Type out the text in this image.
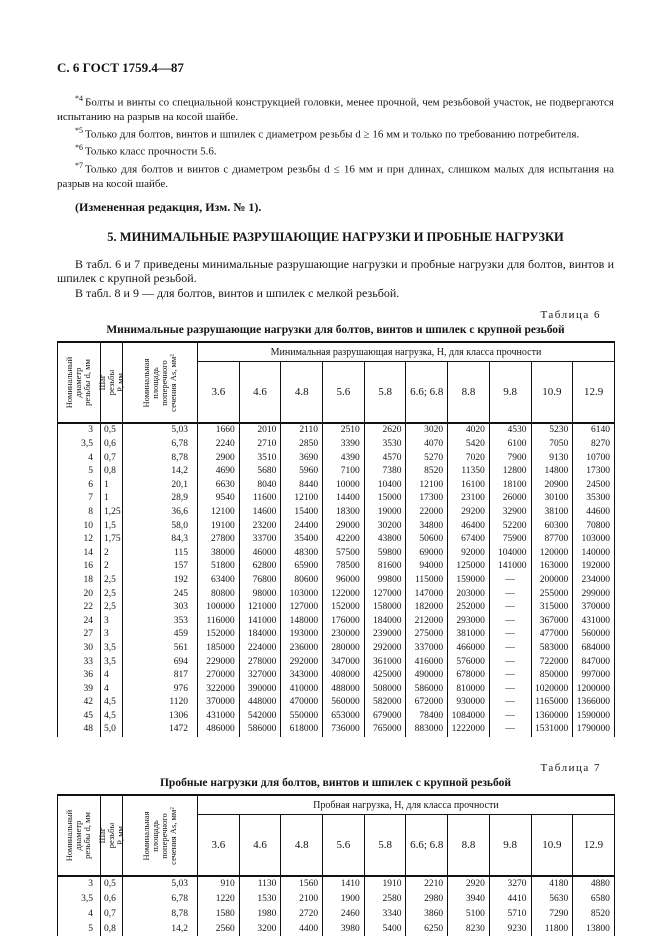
С. 6 ГОСТ 1759.4—87

$^{*4}$ Болты и винты со специальной конструкцией головки, менее прочной, чем резьбовой участок, не подвергаются испытанию на разрыв на косой шайбе.

$^{*5}$ Только для болтов, винтов и шпилек с диаметром резьбы d ≥ 16 мм и только по требованию потребителя.

$^{*6}$ Только класс прочности 5.6.

$^{*7}$ Только для болтов и винтов с диаметром резьбы d ≤ 16 мм и при длинах, слишком малых для испытания на разрыв на косой шайбе.

(Измененная редакция, Изм. № 1).

5. МИНИМАЛЬНЫЕ РАЗРУШАЮЩИЕ НАГРУЗКИ И ПРОБНЫЕ НАГРУЗКИ

В табл. 6 и 7 приведены минимальные разрушающие нагрузки и пробные нагрузки для болтов, винтов и шпилек с крупной резьбой.

В табл. 8 и 9 — для болтов, винтов и шпилек с мелкой резьбой.

Таблица 6
Минимальные разрушающие нагрузки для болтов, винтов и шпилек с крупной резьбой
Номинальный диаметр резьбы d, мм	Шаг резьбы Р, мм	Номинальная площадь поперечного сечения Аs, мм²	Минимальная разрушающая нагрузка, Н, для класса прочности									
			3.6	4.6	4.8	5.6	5.8	6.6; 6.8	8.8	9.8	10.9	12.9
3	0,5	5,03	1660	2010	2110	2510	2620	3020	4020	4530	5230	6140
3,5	0,6	6,78	2240	2710	2850	3390	3530	4070	5420	6100	7050	8270
4	0,7	8,78	2900	3510	3690	4390	4570	5270	7020	7900	9130	10700
5	0,8	14,2	4690	5680	5960	7100	7380	8520	11350	12800	14800	17300
6	1	20,1	6630	8040	8440	10000	10400	12100	16100	18100	20900	24500
7	1	28,9	9540	11600	12100	14400	15000	17300	23100	26000	30100	35300
8	1,25	36,6	12100	14600	15400	18300	19000	22000	29200	32900	38100	44600
10	1,5	58,0	19100	23200	24400	29000	30200	34800	46400	52200	60300	70800
12	1,75	84,3	27800	33700	35400	42200	43800	50600	67400	75900	87700	103000
14	2	115	38000	46000	48300	57500	59800	69000	92000	104000	120000	140000
16	2	157	51800	62800	65900	78500	81600	94000	125000	141000	163000	192000
18	2,5	192	63400	76800	80600	96000	99800	115000	159000	—	200000	234000
20	2,5	245	80800	98000	103000	122000	127000	147000	203000	—	255000	299000
22	2,5	303	100000	121000	127000	152000	158000	182000	252000	—	315000	370000
24	3	353	116000	141000	148000	176000	184000	212000	293000	—	367000	431000
27	3	459	152000	184000	193000	230000	239000	275000	381000	—	477000	560000
30	3,5	561	185000	224000	236000	280000	292000	337000	466000	—	583000	684000
33	3,5	694	229000	278000	292000	347000	361000	416000	576000	—	722000	847000
36	4	817	270000	327000	343000	408000	425000	490000	678000	—	850000	997000
39	4	976	322000	390000	410000	488000	508000	586000	810000	—	1020000	1200000
42	4,5	1120	370000	448000	470000	560000	582000	672000	930000	—	1165000	1366000
45	4,5	1306	431000	542000	550000	653000	679000	78400	1084000	—	1360000	1590000
48	5,0	1472	486000	586000	618000	736000	765000	883000	1222000	—	1531000	1790000
Таблица 7
Пробные нагрузки для болтов, винтов и шпилек с крупной резьбой
Номинальный диаметр резьбы d, мм	Шаг резьбы Р, мм	Номинальная площадь поперечного сечения Аs, мм²	Пробная нагрузка, Н, для класса прочности									
			3.6	4.6	4.8	5.6	5.8	6.6; 6.8	8.8	9.8	10.9	12.9
3	0,5	5,03	910	1130	1560	1410	1910	2210	2920	3270	4180	4880
3,5	0,6	6,78	1220	1530	2100	1900	2580	2980	3940	4410	5630	6580
4	0,7	8,78	1580	1980	2720	2460	3340	3860	5100	5710	7290	8520
5	0,8	14,2	2560	3200	4400	3980	5400	6250	8230	9230	11800	13800
